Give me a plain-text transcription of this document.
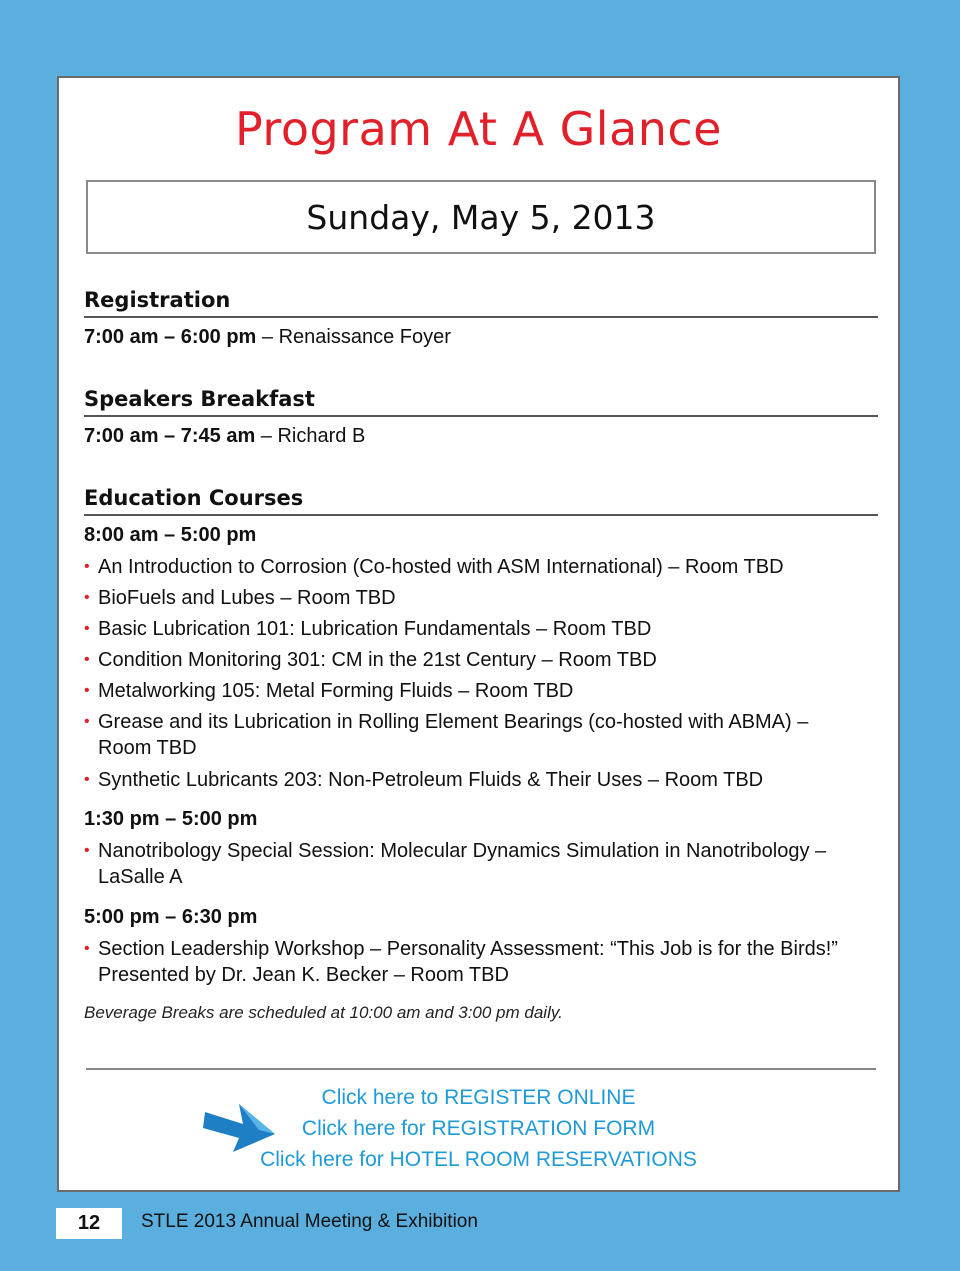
Program At A Glance
Sunday, May 5, 2013
Registration
7:00 am – 6:00 pm – Renaissance Foyer
Speakers Breakfast
7:00 am – 7:45 am – Richard B
Education Courses
8:00 am – 5:00 pm
• An Introduction to Corrosion (Co-hosted with ASM International) – Room TBD
• BioFuels and Lubes – Room TBD
• Basic Lubrication 101: Lubrication Fundamentals – Room TBD
• Condition Monitoring 301: CM in the 21st Century – Room TBD
• Metalworking 105: Metal Forming Fluids – Room TBD
• Grease and its Lubrication in Rolling Element Bearings (co-hosted with ABMA) – Room TBD
• Synthetic Lubricants 203: Non-Petroleum Fluids & Their Uses – Room TBD
1:30 pm – 5:00 pm
• Nanotribology Special Session: Molecular Dynamics Simulation in Nanotribology – LaSalle A
5:00 pm – 6:30 pm
• Section Leadership Workshop – Personality Assessment: “This Job is for the Birds!” Presented by Dr. Jean K. Becker – Room TBD
Beverage Breaks are scheduled at 10:00 am and 3:00 pm daily.
Click here to REGISTER ONLINE
Click here for REGISTRATION FORM
Click here for HOTEL ROOM RESERVATIONS
12	STLE 2013 Annual Meeting & Exhibition
